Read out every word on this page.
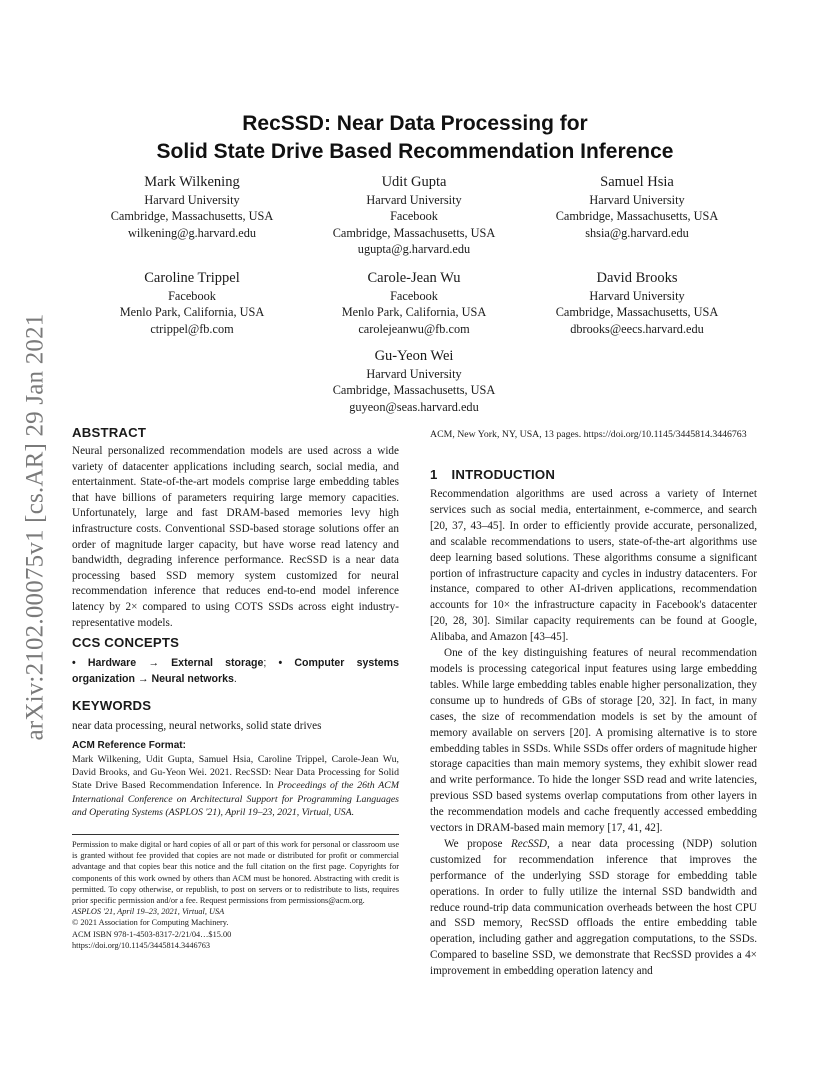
arXiv:2102.00075v1 [cs.AR] 29 Jan 2021
RecSSD: Near Data Processing for
Solid State Drive Based Recommendation Inference
Mark Wilkening
Harvard University
Cambridge, Massachusetts, USA
wilkening@g.harvard.edu
Udit Gupta
Harvard University
Facebook
Cambridge, Massachusetts, USA
ugupta@g.harvard.edu
Samuel Hsia
Harvard University
Cambridge, Massachusetts, USA
shsia@g.harvard.edu
Caroline Trippel
Facebook
Menlo Park, California, USA
ctrippel@fb.com
Carole-Jean Wu
Facebook
Menlo Park, California, USA
carolejeanwu@fb.com
David Brooks
Harvard University
Cambridge, Massachusetts, USA
dbrooks@eecs.harvard.edu
Gu-Yeon Wei
Harvard University
Cambridge, Massachusetts, USA
guyeon@seas.harvard.edu
ABSTRACT

Neural personalized recommendation models are used across a wide variety of datacenter applications including search, social media, and entertainment. State-of-the-art models comprise large embedding tables that have billions of parameters requiring large memory capacities. Unfortunately, large and fast DRAM-based memories levy high infrastructure costs. Conventional SSD-based storage solutions offer an order of magnitude larger capacity, but have worse read latency and bandwidth, degrading inference performance. RecSSD is a near data processing based SSD memory system customized for neural recommendation inference that reduces end-to-end model inference latency by 2× compared to using COTS SSDs across eight industry-representative models.

CCS CONCEPTS

• Hardware → External storage; • Computer systems organization → Neural networks.

KEYWORDS

near data processing, neural networks, solid state drives

ACM Reference Format:

Mark Wilkening, Udit Gupta, Samuel Hsia, Caroline Trippel, Carole-Jean Wu, David Brooks, and Gu-Yeon Wei. 2021. RecSSD: Near Data Processing for Solid State Drive Based Recommendation Inference. In Proceedings of the 26th ACM International Conference on Architectural Support for Programming Languages and Operating Systems (ASPLOS '21), April 19–23, 2021, Virtual, USA.

Permission to make digital or hard copies of all or part of this work for personal or classroom use is granted without fee provided that copies are not made or distributed for profit or commercial advantage and that copies bear this notice and the full citation on the first page. Copyrights for components of this work owned by others than ACM must be honored. Abstracting with credit is permitted. To copy otherwise, or republish, to post on servers or to redistribute to lists, requires prior specific permission and/or a fee. Request permissions from permissions@acm.org.
ASPLOS '21, April 19–23, 2021, Virtual, USA
© 2021 Association for Computing Machinery.
ACM ISBN 978-1-4503-8317-2/21/04…$15.00
https://doi.org/10.1145/3445814.3446763

ACM, New York, NY, USA, 13 pages. https://doi.org/10.1145/3445814.3446763

1 INTRODUCTION

Recommendation algorithms are used across a variety of Internet services such as social media, entertainment, e-commerce, and search [20, 37, 43–45]. In order to efficiently provide accurate, personalized, and scalable recommendations to users, state-of-the-art algorithms use deep learning based solutions. These algorithms consume a significant portion of infrastructure capacity and cycles in industry datacenters. For instance, compared to other AI-driven applications, recommendation accounts for 10× the infrastructure capacity in Facebook's datacenter [20, 28, 30]. Similar capacity requirements can be found at Google, Alibaba, and Amazon [43–45].

One of the key distinguishing features of neural recommendation models is processing categorical input features using large embedding tables. While large embedding tables enable higher personalization, they consume up to hundreds of GBs of storage [20, 32]. In fact, in many cases, the size of recommendation models is set by the amount of memory available on servers [20]. A promising alternative is to store embedding tables in SSDs. While SSDs offer orders of magnitude higher storage capacities than main memory systems, they exhibit slower read and write performance. To hide the longer SSD read and write latencies, previous SSD based systems overlap computations from other layers in the recommendation models and cache frequently accessed embedding vectors in DRAM-based main memory [17, 41, 42].

We propose RecSSD, a near data processing (NDP) solution customized for recommendation inference that improves the performance of the underlying SSD storage for embedding table operations. In order to fully utilize the internal SSD bandwidth and reduce round-trip data communication overheads between the host CPU and SSD memory, RecSSD offloads the entire embedding table operation, including gather and aggregation computations, to the SSDs. Compared to baseline SSD, we demonstrate that RecSSD provides a 4× improvement in embedding operation latency and
